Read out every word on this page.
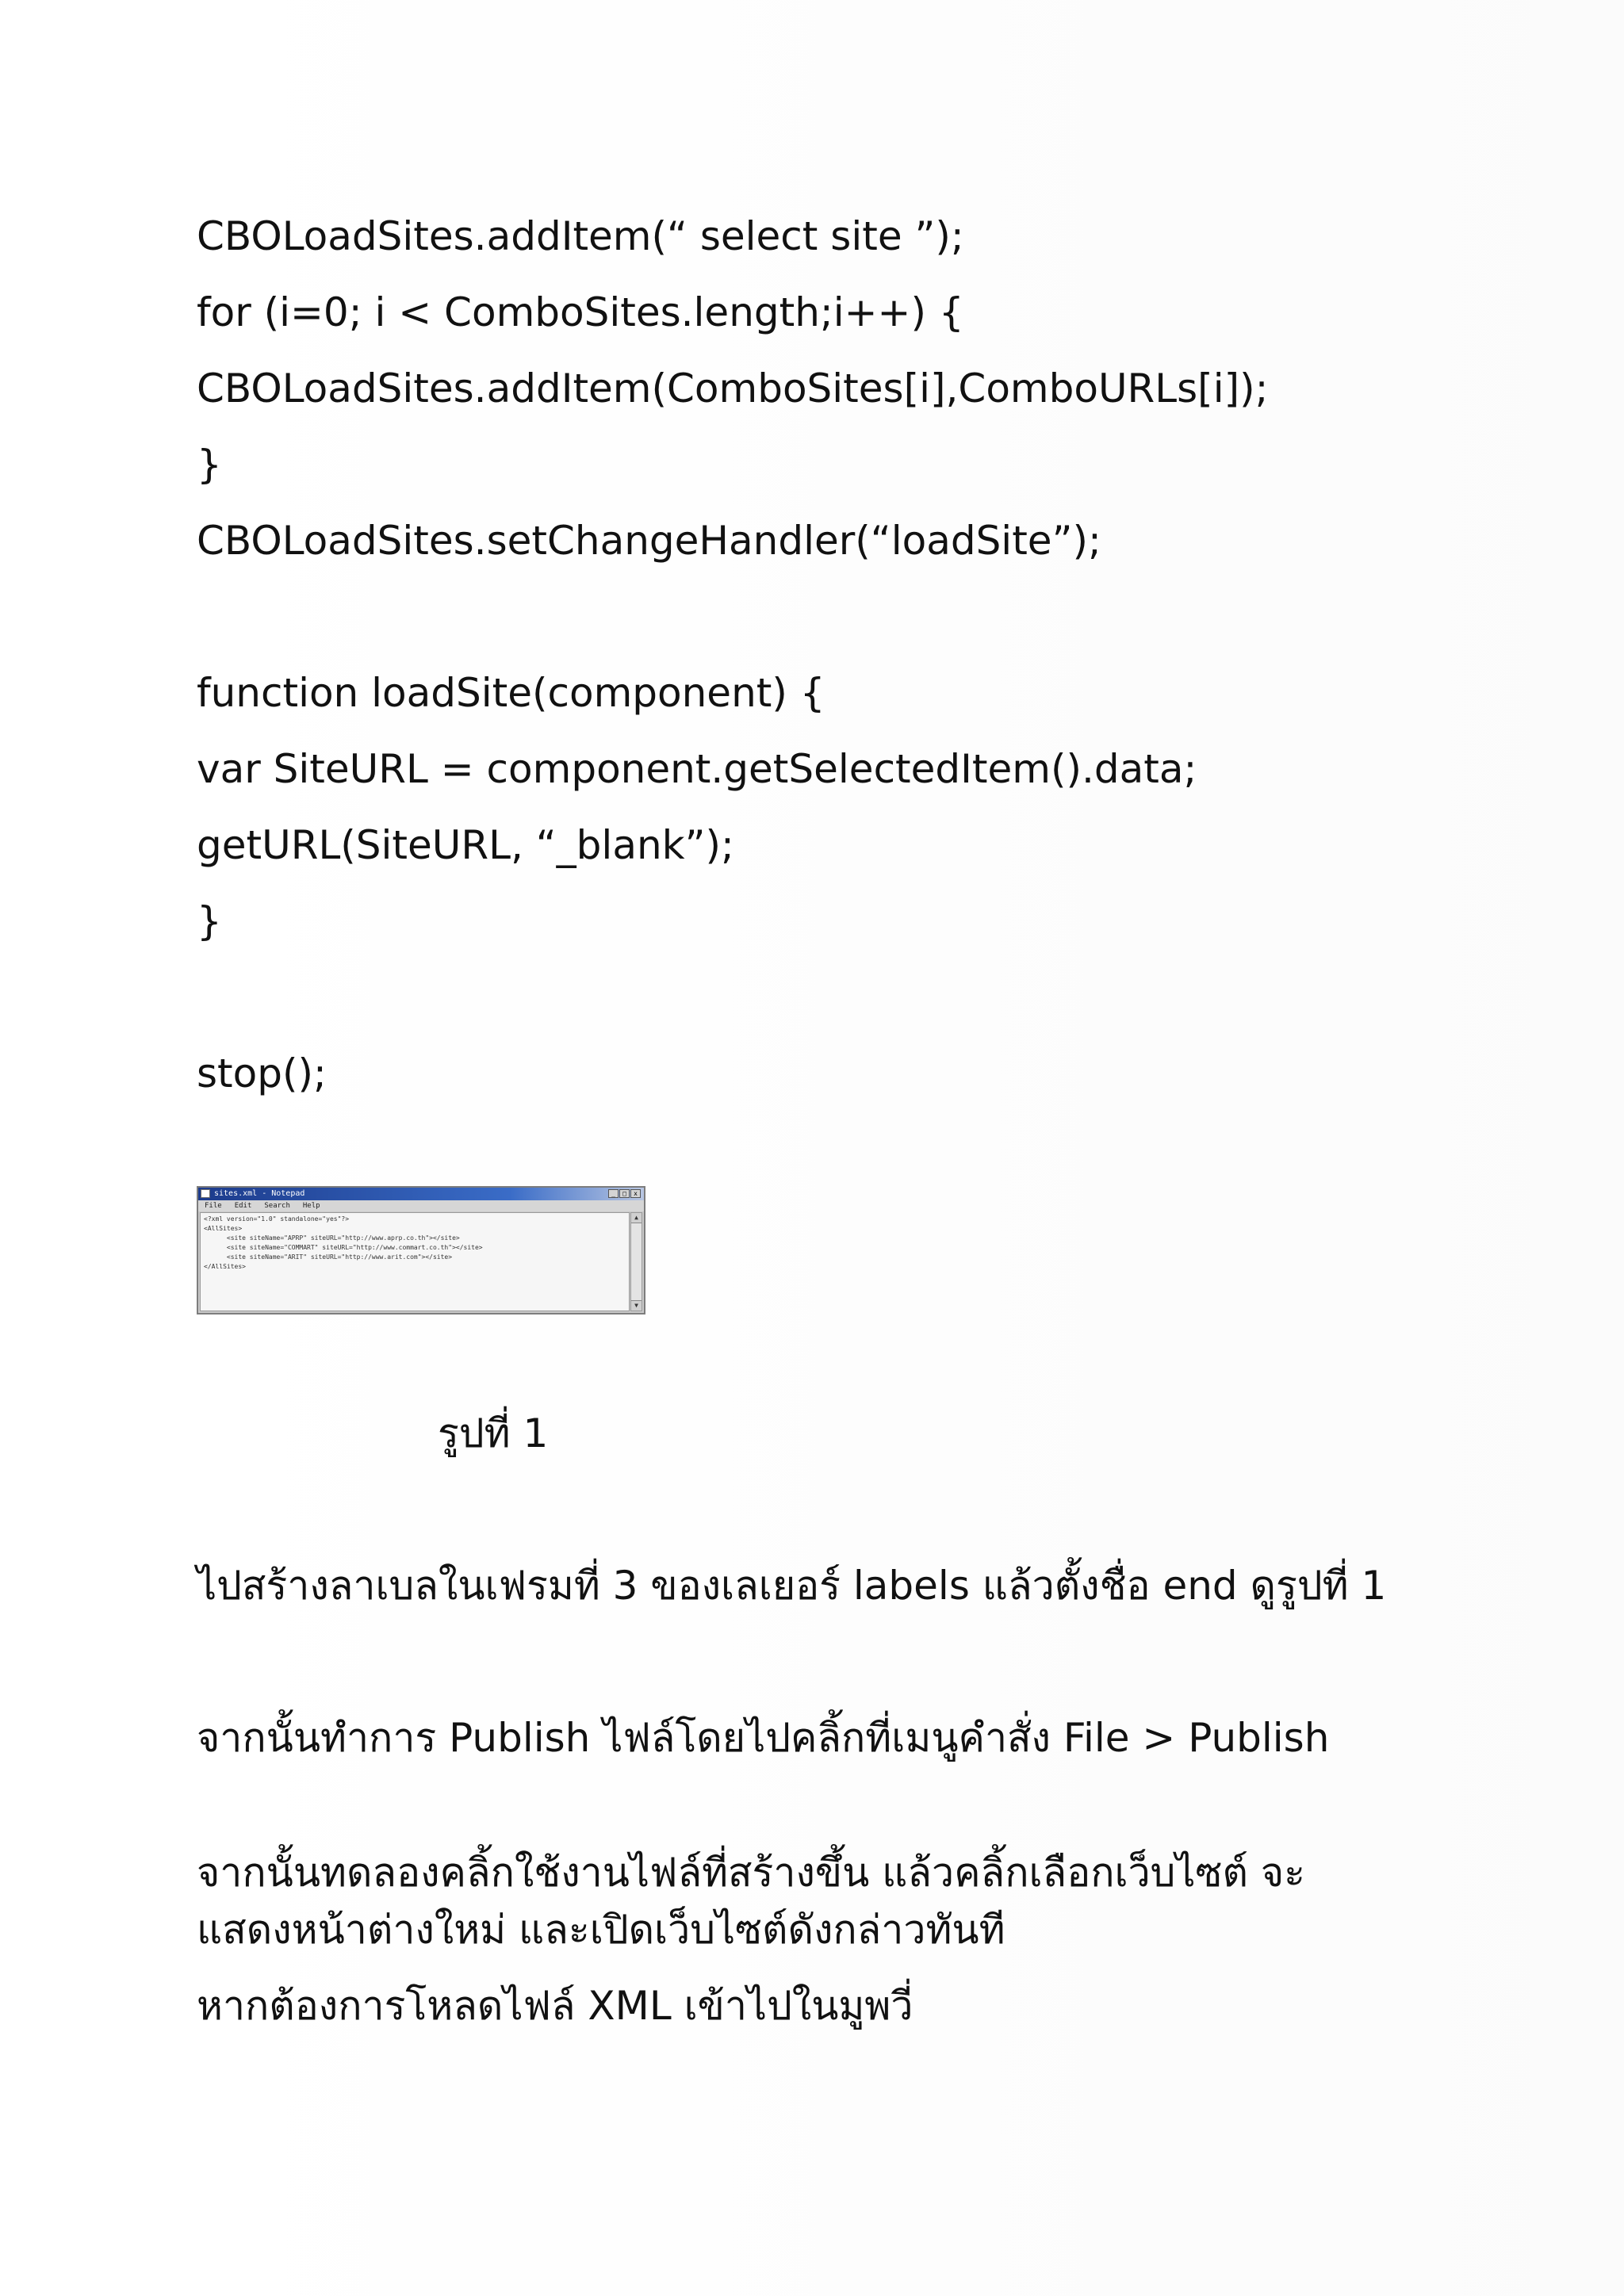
CBOLoadSites.addItem(“ select site ”);

for (i=0; i < ComboSites.length;i++) {

CBOLoadSites.addItem(ComboSites[i],ComboURLs[i]);

}

CBOLoadSites.setChangeHandler(“loadSite”);

function loadSite(component) {

var SiteURL = component.getSelectedItem().data;

getURL(SiteURL, “_blank”);

}

stop();

sites.xml - Notepad	_	□	x
File Edit Search Help
<?xml version="1.0" standalone="yes"?>
<AllSites>
<site siteName="APRP" siteURL="http://www.aprp.co.th"></site>
<site siteName="COMMART" siteURL="http://www.commart.co.th"></site>
<site siteName="ARIT" siteURL="http://www.arit.com"></site>
</AllSites>
▲
▼

รูปที่ 1

ไปสร้างลาเบลในเฟรมที่ 3 ของเลเยอร์ labels แล้วตั้งชื่อ end ดูรูปที่ 1

จากนั้นทำการ Publish ไฟล์โดยไปคลิ้กที่เมนูคำสั่ง File > Publish

จากนั้นทดลองคลิ้กใช้งานไฟล์ที่สร้างขึ้น แล้วคลิ้กเลือกเว็บไซต์ จะ
แสดงหน้าต่างใหม่ และเปิดเว็บไซต์ดังกล่าวทันที

หากต้องการโหลดไฟล์ XML เข้าไปในมูพวี่
